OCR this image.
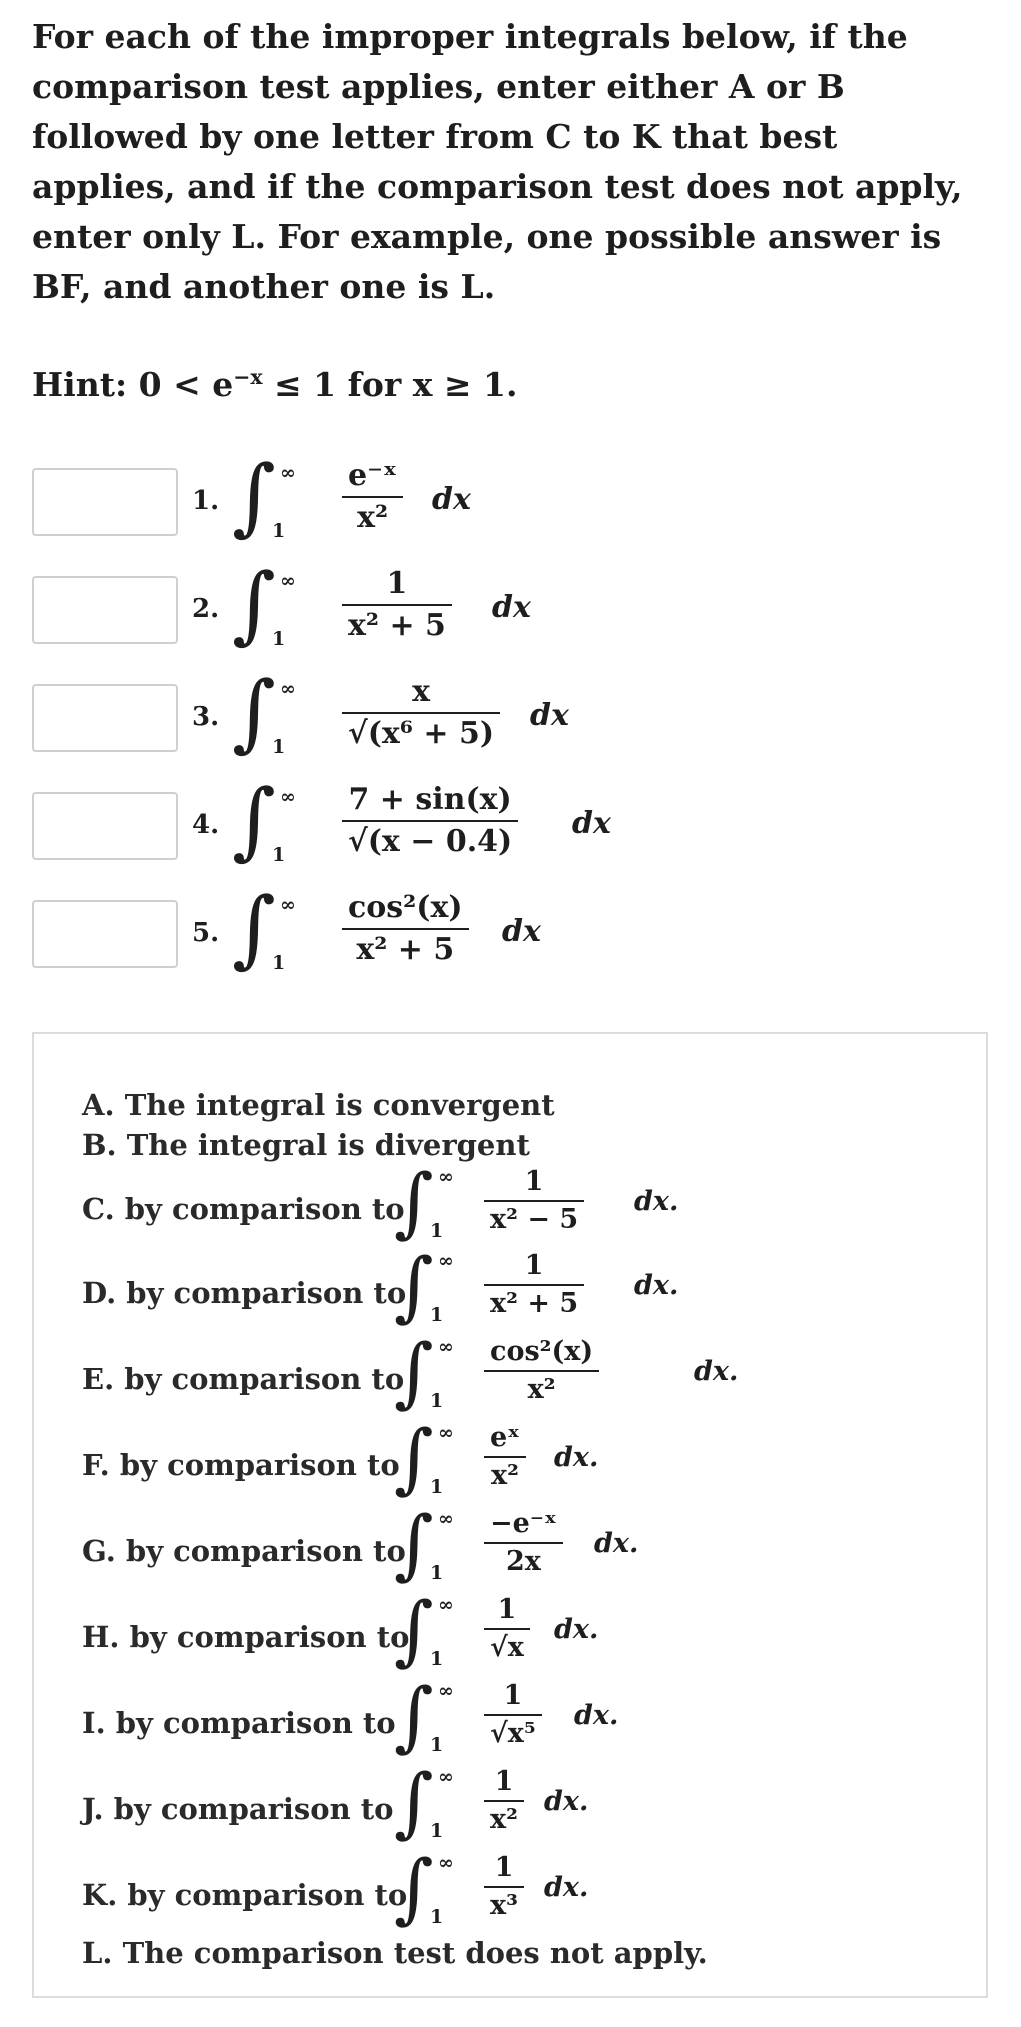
For each of the improper integrals below, if the comparison test applies, enter either A or B followed by one letter from C to K that best applies, and if the comparison test does not apply, enter only L. For example, one possible answer is BF, and another one is L.
Hint: $0 < e^{-x} \le 1$ for x ≥ 1.
1. ∫ ∞
1
e⁻ˣ
x²
dx
2. ∫ ∞
1
1
x² + 5
dx
3. ∫ ∞
1
x
√(x⁶ + 5)
dx
4. ∫ ∞
1
7 + sin(x)
√(x − 0.4)
dx
5. ∫ ∞
1
cos²(x)
x² + 5
dx
A. The integral is convergent
B. The integral is divergent
C. by comparison to
∫ ∞
1
1
x² − 5
dx.
D. by comparison to
∫ ∞
1
1
x² + 5
dx.
E. by comparison to
∫ ∞
1
cos²(x)
x²
dx.
F. by comparison to
∫ ∞
1
eˣ
x²
dx.
G. by comparison to
∫ ∞
1
−e⁻ˣ
2x
dx.
H. by comparison to
∫ ∞
1
1
√x
dx.
I. by comparison to
∫ ∞
1
1
√x⁵
dx.
J. by comparison to ∫ ∞
1
1
x²
dx.
K. by comparison to
∫ ∞
1
1
x³
dx.
L. The comparison test does not apply.
